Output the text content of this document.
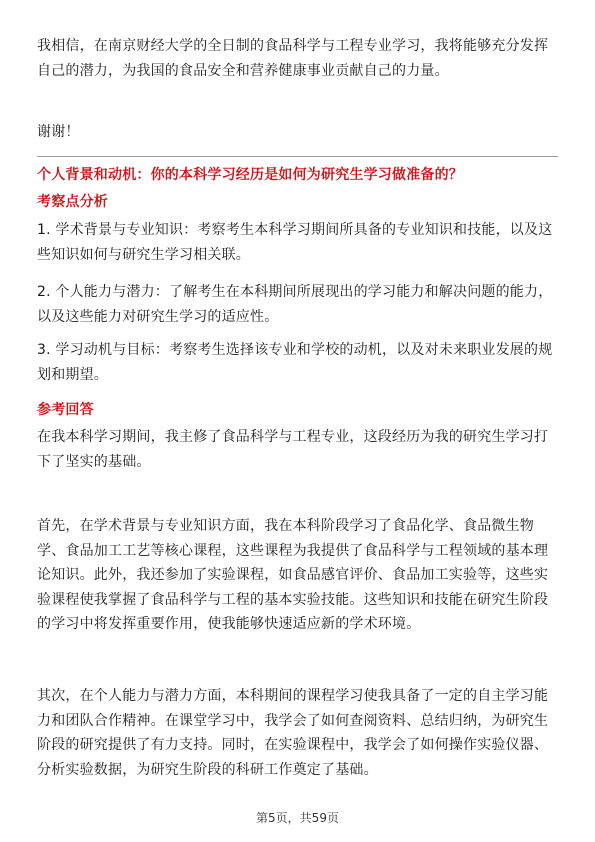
我相信，在南京财经大学的全日制的食品科学与工程专业学习，我将能够充分发挥自己的潜力，为我国的食品安全和营养健康事业贡献自己的力量。

谢谢！

个人背景和动机：你的本科学习经历是如何为研究生学习做准备的？

考察点分析

1. 学术背景与专业知识：考察考生本科学习期间所具备的专业知识和技能，以及这些知识如何与研究生学习相关联。

2. 个人能力与潜力：了解考生在本科期间所展现出的学习能力和解决问题的能力，以及这些能力对研究生学习的适应性。

3. 学习动机与目标：考察考生选择该专业和学校的动机，以及对未来职业发展的规划和期望。

参考回答

在我本科学习期间，我主修了食品科学与工程专业，这段经历为我的研究生学习打下了坚实的基础。

首先，在学术背景与专业知识方面，我在本科阶段学习了食品化学、食品微生物学、食品加工工艺等核心课程，这些课程为我提供了食品科学与工程领域的基本理论知识。此外，我还参加了实验课程，如食品感官评价、食品加工实验等，这些实验课程使我掌握了食品科学与工程的基本实验技能。这些知识和技能在研究生阶段的学习中将发挥重要作用，使我能够快速适应新的学术环境。

其次，在个人能力与潜力方面，本科期间的课程学习使我具备了一定的自主学习能力和团队合作精神。在课堂学习中，我学会了如何查阅资料、总结归纳，为研究生阶段的研究提供了有力支持。同时，在实验课程中，我学会了如何操作实验仪器、分析实验数据，为研究生阶段的科研工作奠定了基础。

第5页，共59页
